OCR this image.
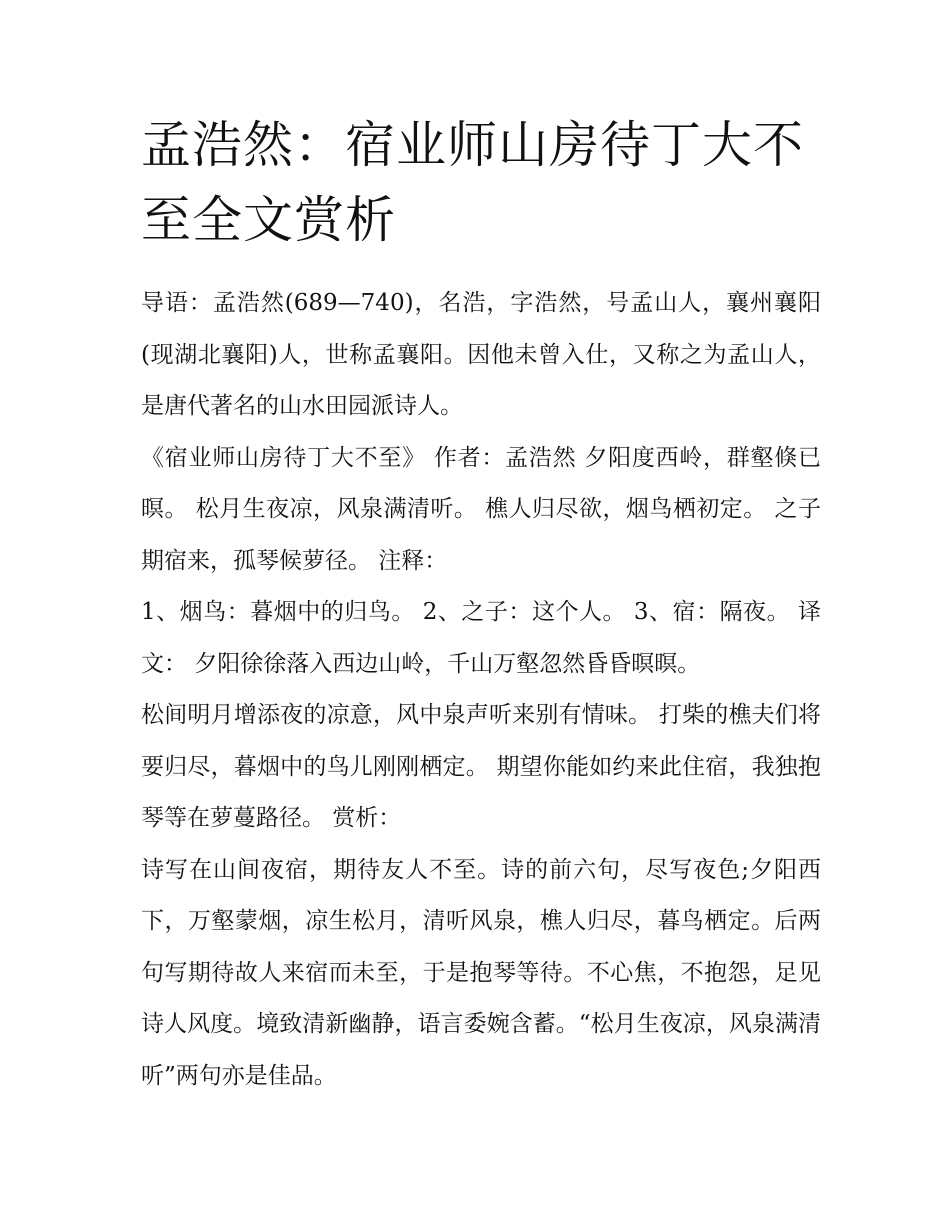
孟浩然：宿业师山房待丁大不至全文赏析

导语：孟浩然(689—740)，名浩，字浩然，号孟山人，襄州襄阳(现湖北襄阳)人，世称孟襄阳。因他未曾入仕，又称之为孟山人，是唐代著名的山水田园派诗人。

《宿业师山房待丁大不至》 作者：孟浩然 夕阳度西岭，群壑倏已暝。 松月生夜凉，风泉满清听。 樵人归尽欲，烟鸟栖初定。 之子期宿来，孤琴候萝径。 注释：

1、烟鸟：暮烟中的归鸟。 2、之子：这个人。 3、宿：隔夜。 译文： 夕阳徐徐落入西边山岭，千山万壑忽然昏昏暝暝。

松间明月增添夜的凉意，风中泉声听来别有情味。 打柴的樵夫们将要归尽，暮烟中的鸟儿刚刚栖定。 期望你能如约来此住宿，我独抱琴等在萝蔓路径。 赏析：

诗写在山间夜宿，期待友人不至。诗的前六句，尽写夜色;夕阳西下，万壑蒙烟，凉生松月，清听风泉，樵人归尽，暮鸟栖定。后两句写期待故人来宿而未至，于是抱琴等待。不心焦，不抱怨，足见诗人风度。境致清新幽静，语言委婉含蓄。“松月生夜凉，风泉满清听”两句亦是佳品。
